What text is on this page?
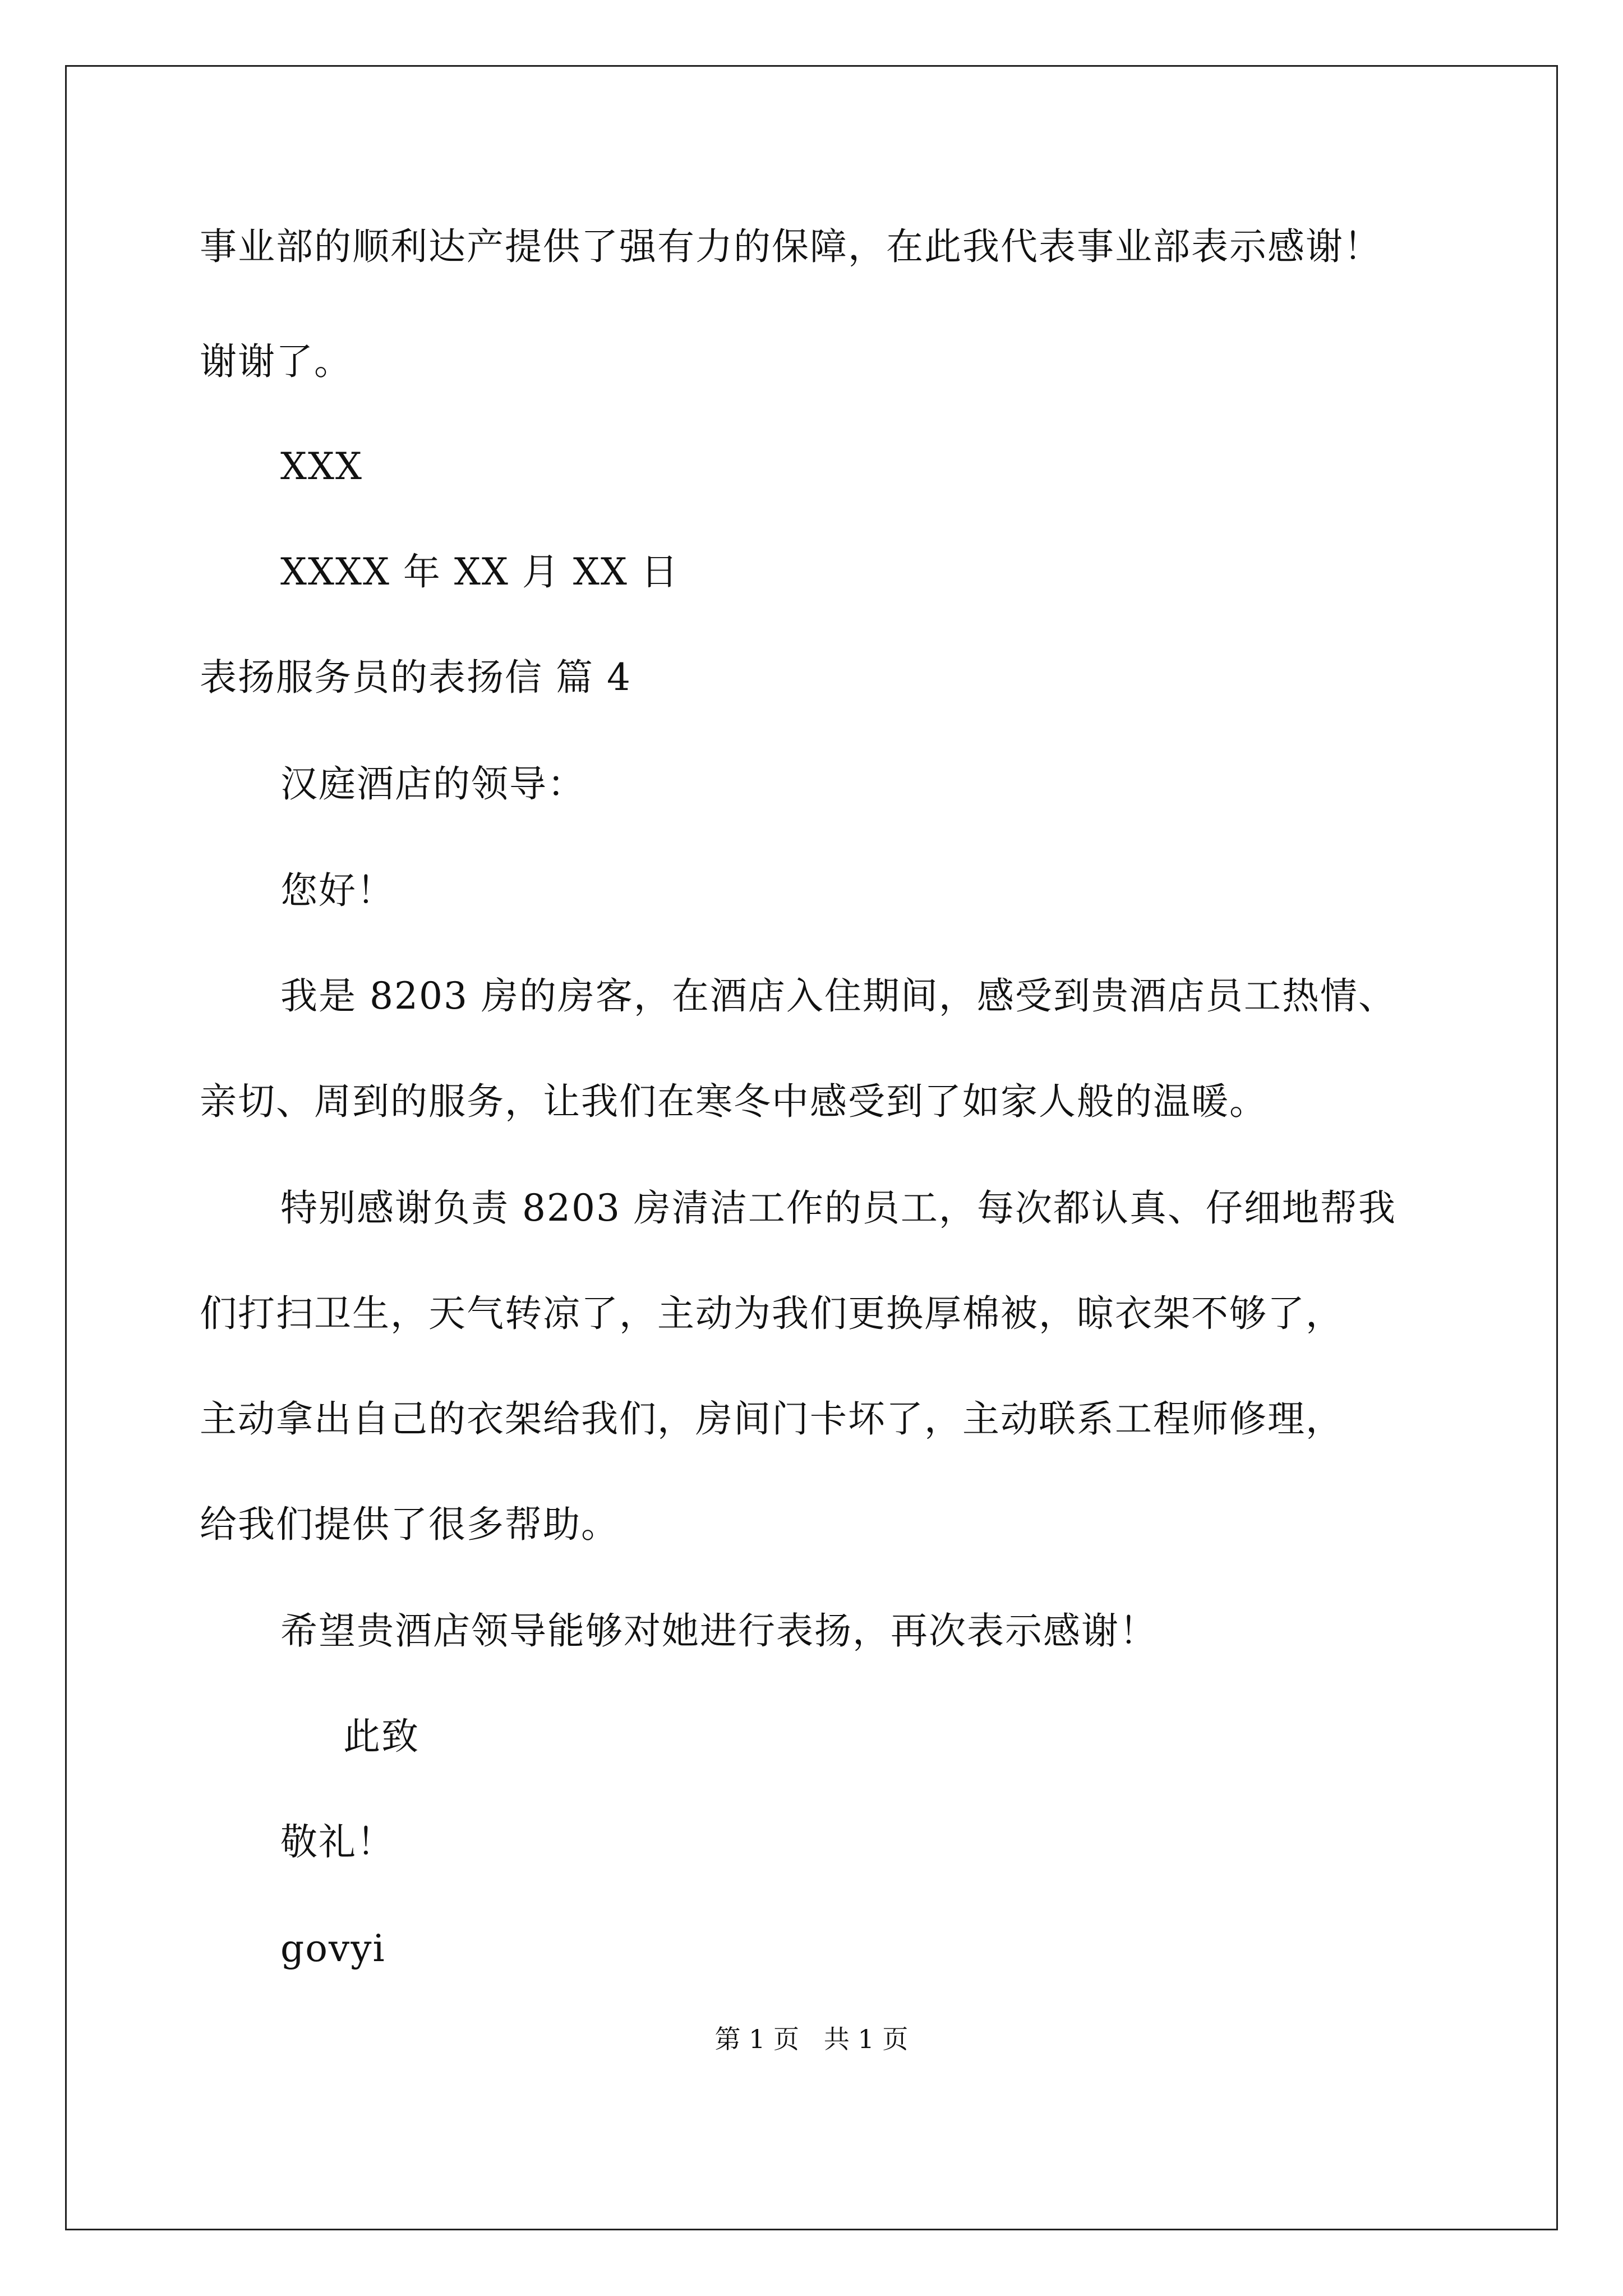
事业部的顺利达产提供了强有力的保障，在此我代表事业部表示感谢！
谢谢了。
XXX
XXXX 年 XX 月 XX 日
表扬服务员的表扬信 篇 4
汉庭酒店的领导：
您好！
我是 8203 房的房客，在酒店入住期间，感受到贵酒店员工热情、
亲切、周到的服务，让我们在寒冬中感受到了如家人般的温暖。
特别感谢负责 8203 房清洁工作的员工，每次都认真、仔细地帮我
们打扫卫生，天气转凉了，主动为我们更换厚棉被，晾衣架不够了，
主动拿出自己的衣架给我们，房间门卡坏了，主动联系工程师修理，
给我们提供了很多帮助。
希望贵酒店领导能够对她进行表扬，再次表示感谢！
此致
敬礼！
govyi
第 1 页   共 1 页
